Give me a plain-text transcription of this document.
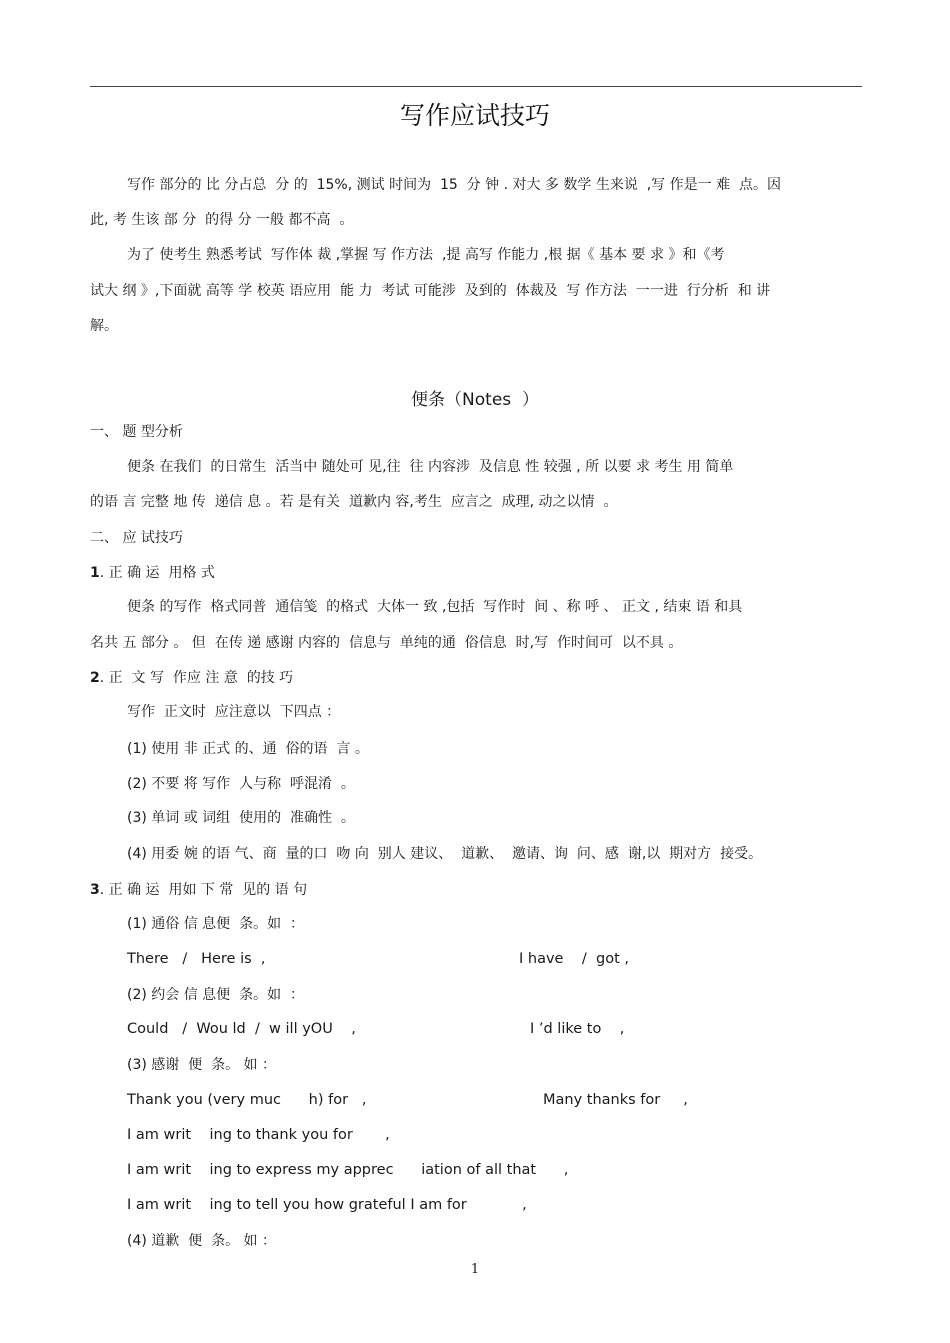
写作应试技巧
写作 部分的 比 分占总  分 的  15%, 测试 时间为  15  分 钟 . 对大 多 数学 生来说  ,写 作是一 难  点。因
此, 考 生该 部 分  的得 分 一般 都不高  。
为了 使考生 熟悉考试  写作体 裁 ,掌握 写 作方法  ,提 高写 作能力 ,根 据《 基本 要 求 》和《考
试大 纲 》,下面就 高等 学 校英 语应用  能 力  考试 可能涉  及到的  体裁及  写 作方法  一一进  行分析  和 讲
解。
便条（Notes  ）
一、 题 型分析
便条 在我们  的日常生  活当中 随处可 见,往  往 内容涉  及信息 性 较强 , 所 以要 求 考生 用 简单
的语 言 完整 地 传  递信 息 。若 是有关  道歉内 容,考生  应言之  成理, 动之以情  。
二、 应 试技巧
1. 正 确 运  用格 式
便条 的写作  格式同普  通信笺  的格式  大体一 致 ,包括  写作时  间 、称 呼 、 正文 , 结束 语 和具
名共 五 部分 。 但  在传 递 感谢 内容的  信息与  单纯的通  俗信息  时,写  作时间可  以不具 。
2. 正  文 写  作应 注 意  的技 巧
写作  正文时  应注意以  下四点 ：
(1) 使用 非 正式 的、通  俗的语  言 。
(2) 不要 将 写作  人与称  呼混淆  。
(3) 单词 或 词组  使用的  准确性  。
(4) 用委 婉 的语 气、商  量的口  吻 向  别人 建议、  道歉、  邀请、询  问、感  谢,以  期对方  接受。
3. 正 确 运  用如 下 常  见的 语 句
(1) 通俗 信 息便  条。如  ：
There   /   Here is  ,	I have    /  got ,
(2) 约会 信 息便  条。如  ：
Could   /  Wou ld  /  w ill yOU    ,	I ’d like to    ,
(3) 感谢  便  条。 如 ：
Thank you (very muc      h) for   ,	Many thanks for     ,
I am writ    ing to thank you for       ,
I am writ    ing to express my apprec      iation of all that      ,
I am writ    ing to tell you how grateful I am for            ,
(4) 道歉  便  条。 如 ：
1
